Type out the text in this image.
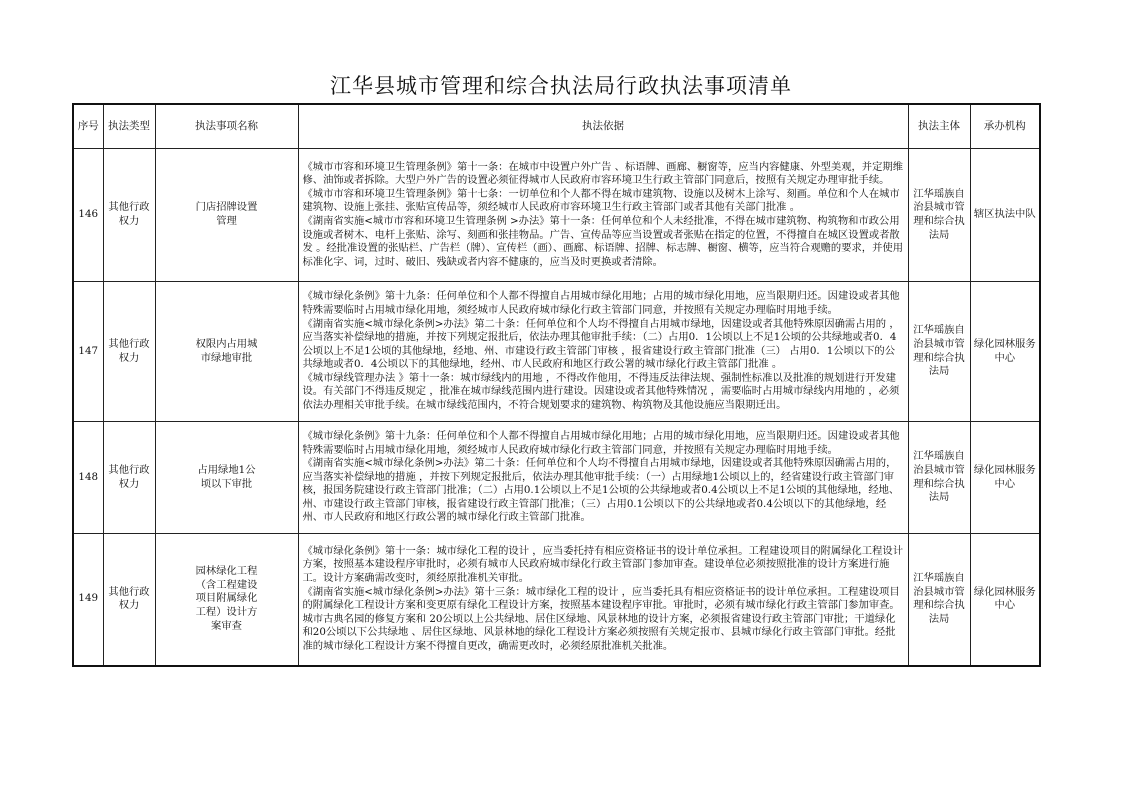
江华县城市管理和综合执法局行政执法事项清单
序号	执法类型	执法事项名称	执法依据	执法主体	承办机构
146	其他行政权力	门店招牌设置管理	《城市市容和环境卫生管理条例》第十一条：在城市中设置户外广告 、标语牌、画廊、橱窗等，应当内容健康、外型美观，并定期维修、油饰或者拆除。大型户外广告的设置必须征得城市人民政府市容环境卫生行政主管部门同意后，按照有关规定办理审批手续。

《城市市容和环境卫生管理条例》第十七条：一切单位和个人都不得在城市建筑物、设施以及树木上涂写、刻画。单位和个人在城市建筑物、设施上张挂、张贴宣传品等，须经城市人民政府市容环境卫生行政主管部门或者其他有关部门批准 。

《湖南省实施<城市市容和环境卫生管理条例 >办法》第十一条：任何单位和个人未经批准，不得在城市建筑物、构筑物和市政公用设施或者树木、电杆上张贴、涂写、刻画和张挂物品。广告、宣传品等应当设置或者张贴在指定的位置，不得擅自在城区设置或者散发 。经批准设置的张贴栏、广告栏（牌）、宣传栏（画）、画廊、标语牌、招牌、标志牌、橱窗、横等，应当符合观赡的要求，并使用标准化字、词，过时、破旧、残缺或者内容不健康的，应当及时更换或者清除。	江华瑶族自治县城市管理和综合执法局	辖区执法中队
147	其他行政权力	权限内占用城市绿地审批	《城市绿化条例》第十九条：任何单位和个人都不得擅自占用城市绿化用地；占用的城市绿化用地，应当限期归还。因建设或者其他特殊需要临时占用城市绿化用地，须经城市人民政府城市绿化行政主管部门同意，并按照有关规定办理临时用地手续。

《湖南省实施<城市绿化条例>办法》第二十条：任何单位和个人均不得擅自占用城市绿地，因建设或者其他特殊原因确需占用的 ，应当落实补偿绿地的措施，并按下列规定报批后，依法办理其他审批手续：（二）占用0．1公顷以上不足1公顷的公共绿地或者0．4公顷以上不足1公顷的其他绿地，经地、州、市建设行政主管部门审核 ，报省建设行政主管部门批准（三） 占用0．1公顷以下的公共绿地或者0．4公顷以下的其他绿地，经州、市人民政府和地区行政公署的城市绿化行政主管部门批准 。

《城市绿线管理办法 》第十一条：城市绿线内的用地 ，不得改作他用，不得违反法律法规、强制性标准以及批准的规划进行开发建设。有关部门不得违反规定 ，批准在城市绿线范围内进行建设。因建设或者其他特殊情况 ，需要临时占用城市绿线内用地的 ，必须依法办理相关审批手续。在城市绿线范围内，不符合规划要求的建筑物、构筑物及其他设施应当限期迁出。	江华瑶族自治县城市管理和综合执法局	绿化园林服务中心
148	其他行政权力	占用绿地1公顷以下审批	《城市绿化条例》第十九条：任何单位和个人都不得擅自占用城市绿化用地；占用的城市绿化用地，应当限期归还。因建设或者其他特殊需要临时占用城市绿化用地，须经城市人民政府城市绿化行政主管部门同意，并按照有关规定办理临时用地手续。

《湖南省实施<城市绿化条例>办法》第二十条：任何单位和个人均不得擅自占用城市绿地，因建设或者其他特殊原因确需占用的，应当落实补偿绿地的措施 ，并按下列规定报批后，依法办理其他审批手续：（一）占用绿地1公顷以上的，经省建设行政主管部门审核，报国务院建设行政主管部门批准；（二）占用0.1公顷以上不足1公顷的公共绿地或者0.4公顷以上不足1公顷的其他绿地，经地、州、市建设行政主管部门审核，报省建设行政主管部门批准；（三）占用0.1公顷以下的公共绿地或者0.4公顷以下的其他绿地，经州、市人民政府和地区行政公署的城市绿化行政主管部门批准。	江华瑶族自治县城市管理和综合执法局	绿化园林服务中心
149	其他行政权力	园林绿化工程（含工程建设项目附属绿化工程）设计方案审查	《城市绿化条例》第十一条：城市绿化工程的设计 ，应当委托持有相应资格证书的设计单位承担。工程建设项目的附属绿化工程设计方案，按照基本建设程序审批时，必须有城市人民政府城市绿化行政主管部门参加审查。建设单位必须按照批准的设计方案进行施工。设计方案确需改变时，须经原批准机关审批。

《湖南省实施<城市绿化条例>办法》第十三条：城市绿化工程的设计 ，应当委托具有相应资格证书的设计单位承担。工程建设项目的附属绿化工程设计方案和变更原有绿化工程设计方案，按照基本建设程序审批。审批时，必须有城市绿化行政主管部门参加审查。城市古典名园的修复方案和 20公顷以上公共绿地、居住区绿地、风景林地的设计方案，必须报省建设行政主管部门审批；干道绿化和20公顷以下公共绿地 、居住区绿地、风景林地的绿化工程设计方案必须按照有关规定报市、县城市绿化行政主管部门审批。经批准的城市绿化工程设计方案不得擅自更改，确需更改时，必须经原批准机关批准。	江华瑶族自治县城市管理和综合执法局	绿化园林服务中心
